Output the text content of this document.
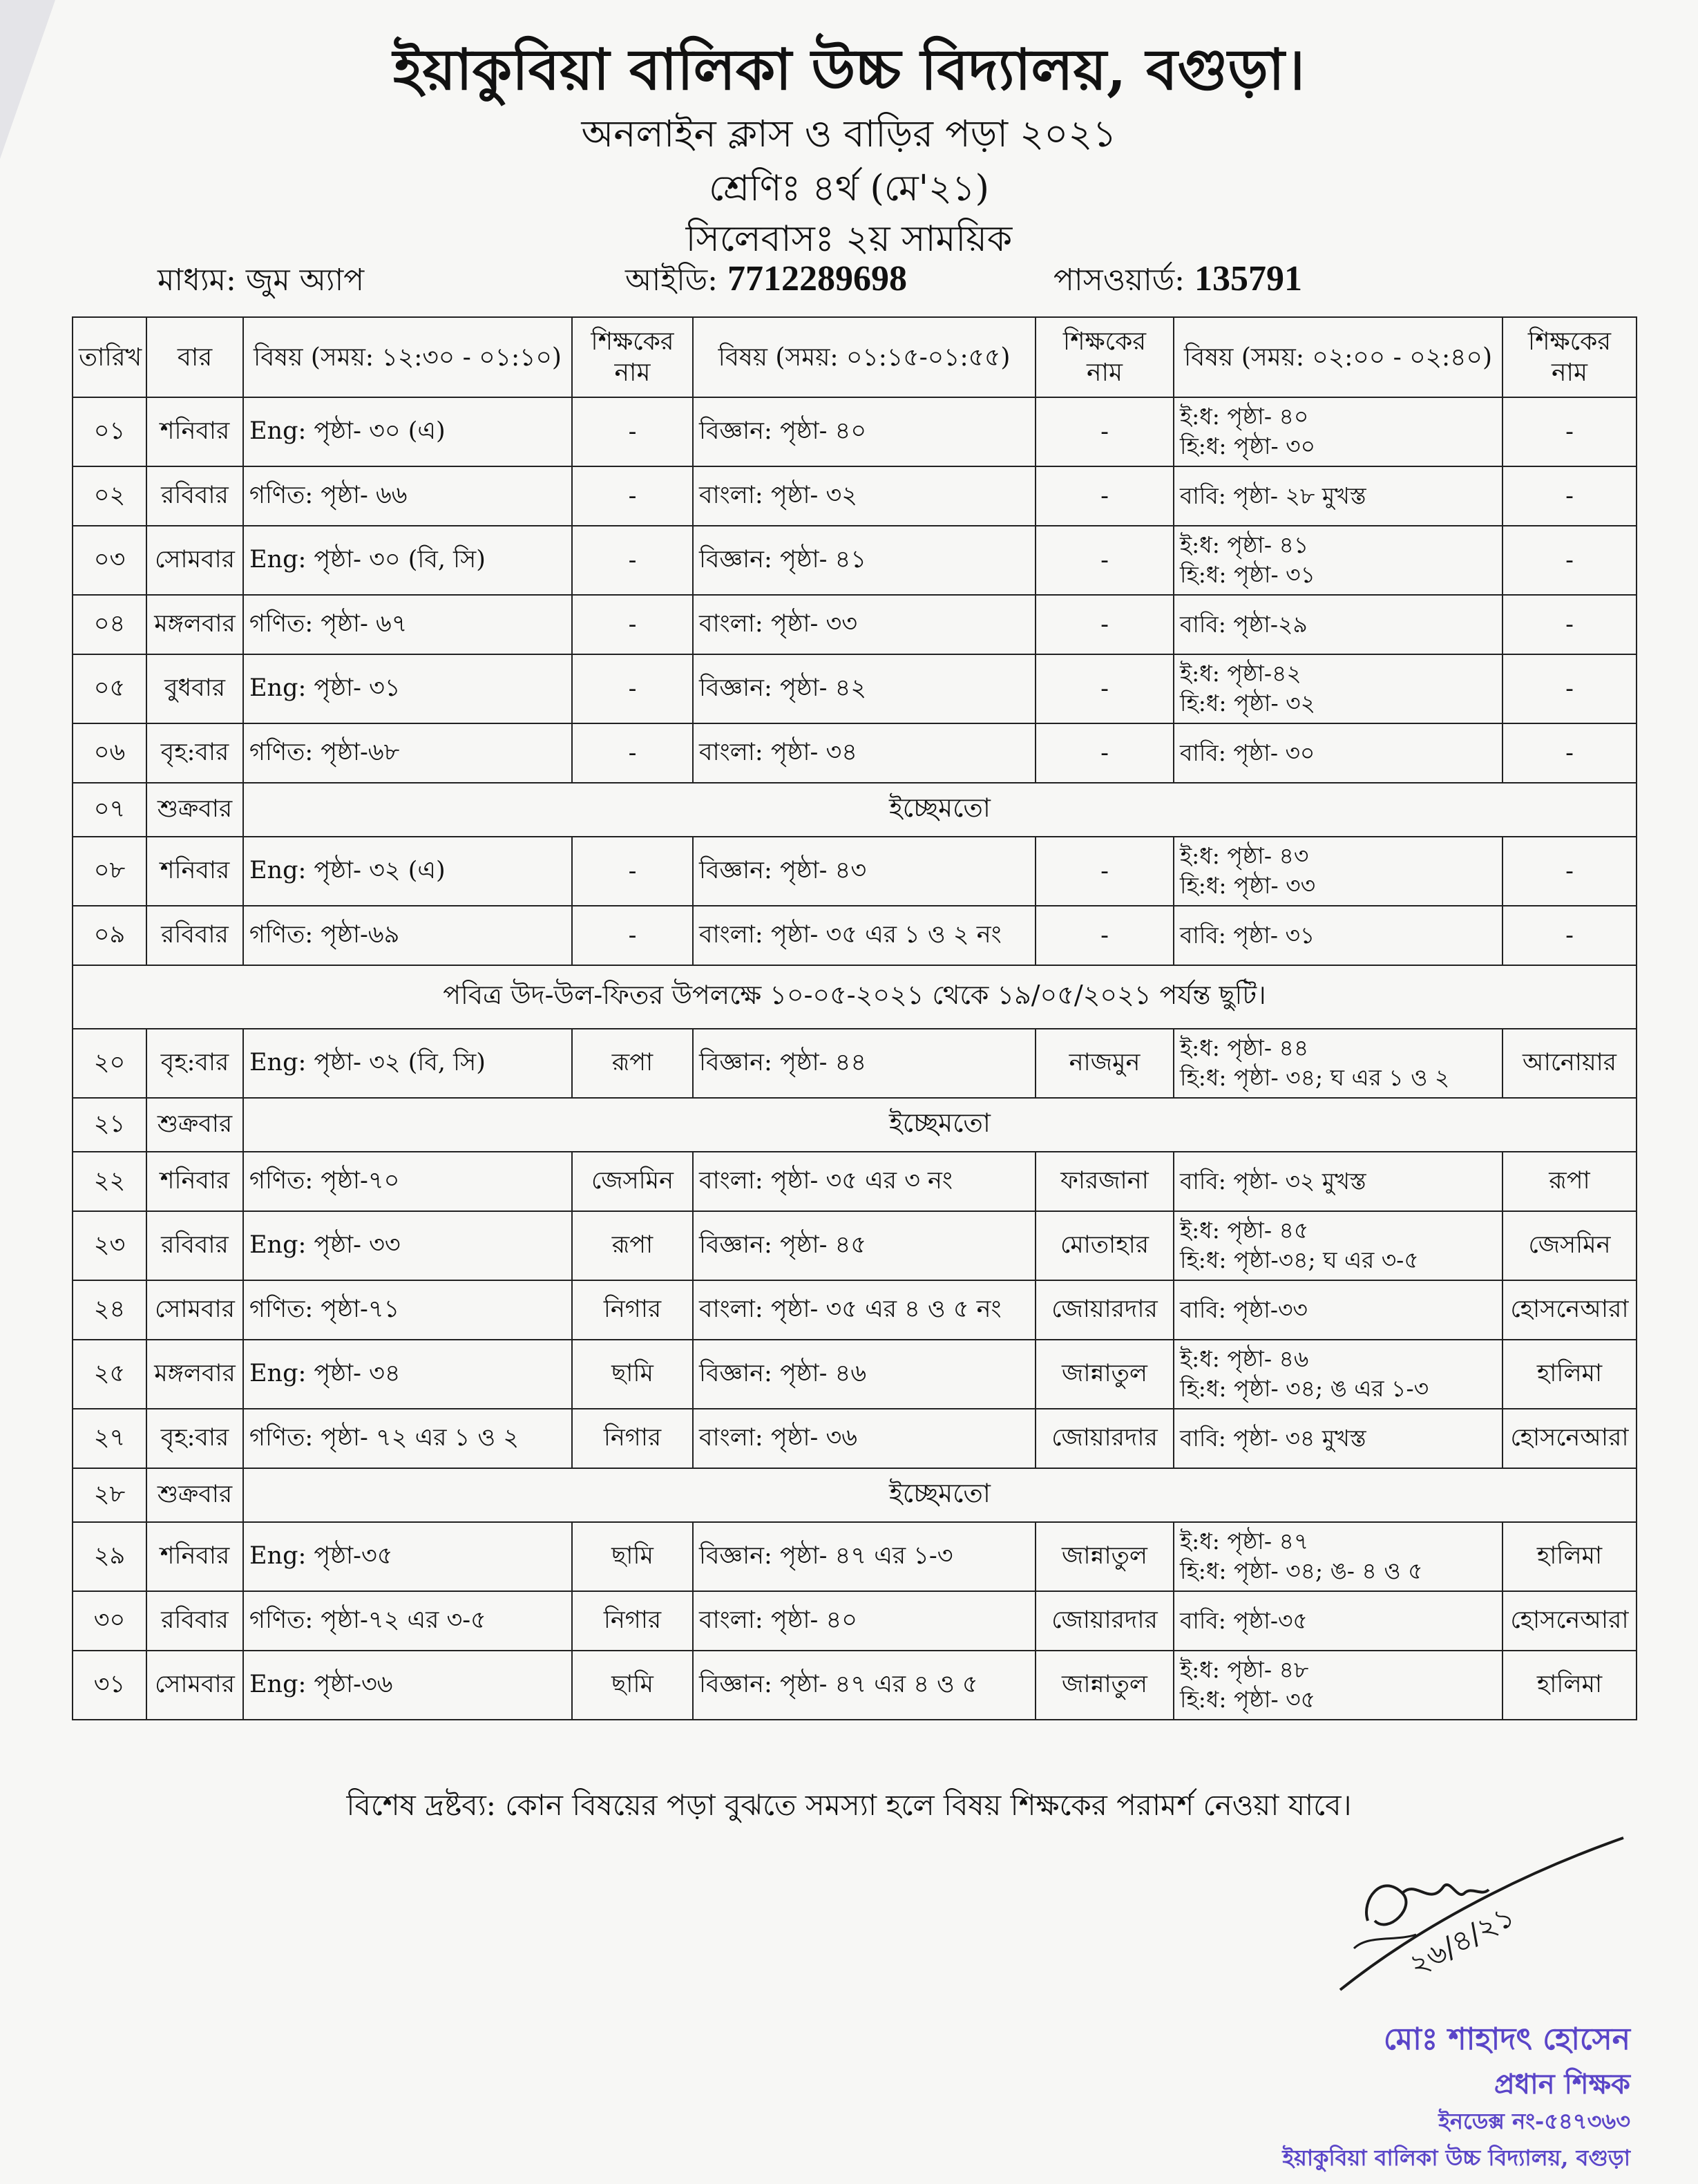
ইয়াকুবিয়া বালিকা উচ্চ বিদ্যালয়, বগুড়া।
অনলাইন ক্লাস ও বাড়ির পড়া ২০২১
শ্রেণিঃ ৪র্থ (মে'২১)
সিলেবাসঃ ২য় সাময়িক
মাধ্যম: জুম অ্যাপ	আইডি: 7712289698	পাসওয়ার্ড: 135791
তারিখ	বার	বিষয় (সময়: ১২:৩০ - ০১:১০)	শিক্ষকের নাম	বিষয় (সময়: ০১:১৫-০১:৫৫)	শিক্ষকের নাম	বিষয় (সময়: ০২:০০ - ০২:৪০)	শিক্ষকের নাম
০১	শনিবার	Eng: পৃষ্ঠা- ৩০ (এ)	-	বিজ্ঞান: পৃষ্ঠা- ৪০	-	ই:ধ: পৃষ্ঠা- ৪০
হি:ধ: পৃষ্ঠা- ৩০	-
০২	রবিবার	গণিত: পৃষ্ঠা- ৬৬	-	বাংলা: পৃষ্ঠা- ৩২	-	বাবি: পৃষ্ঠা- ২৮ মুখস্ত	-
০৩	সোমবার	Eng: পৃষ্ঠা- ৩০ (বি, সি)	-	বিজ্ঞান: পৃষ্ঠা- ৪১	-	ই:ধ: পৃষ্ঠা- ৪১
হি:ধ: পৃষ্ঠা- ৩১	-
০৪	মঙ্গলবার	গণিত: পৃষ্ঠা- ৬৭	-	বাংলা: পৃষ্ঠা- ৩৩	-	বাবি: পৃষ্ঠা-২৯	-
০৫	বুধবার	Eng: পৃষ্ঠা- ৩১	-	বিজ্ঞান: পৃষ্ঠা- ৪২	-	ই:ধ: পৃষ্ঠা-৪২
হি:ধ: পৃষ্ঠা- ৩২	-
০৬	বৃহ:বার	গণিত: পৃষ্ঠা-৬৮	-	বাংলা: পৃষ্ঠা- ৩৪	-	বাবি: পৃষ্ঠা- ৩০	-
০৭	শুক্রবার	ইচ্ছেমতো					
০৮	শনিবার	Eng: পৃষ্ঠা- ৩২ (এ)	-	বিজ্ঞান: পৃষ্ঠা- ৪৩	-	ই:ধ: পৃষ্ঠা- ৪৩
হি:ধ: পৃষ্ঠা- ৩৩	-
০৯	রবিবার	গণিত: পৃষ্ঠা-৬৯	-	বাংলা: পৃষ্ঠা- ৩৫ এর ১ ও ২ নং	-	বাবি: পৃষ্ঠা- ৩১	-
পবিত্র উদ-উল-ফিতর উপলক্ষে ১০-০৫-২০২১ থেকে ১৯/০৫/২০২১ পর্যন্ত ছুটি।							
২০	বৃহ:বার	Eng: পৃষ্ঠা- ৩২ (বি, সি)	রূপা	বিজ্ঞান: পৃষ্ঠা- ৪৪	নাজমুন	ই:ধ: পৃষ্ঠা- ৪৪
হি:ধ: পৃষ্ঠা- ৩৪; ঘ এর ১ ও ২	আনোয়ার
২১	শুক্রবার	ইচ্ছেমতো					
২২	শনিবার	গণিত: পৃষ্ঠা-৭০	জেসমিন	বাংলা: পৃষ্ঠা- ৩৫ এর ৩ নং	ফারজানা	বাবি: পৃষ্ঠা- ৩২ মুখস্ত	রূপা
২৩	রবিবার	Eng: পৃষ্ঠা- ৩৩	রূপা	বিজ্ঞান: পৃষ্ঠা- ৪৫	মোতাহার	ই:ধ: পৃষ্ঠা- ৪৫
হি:ধ: পৃষ্ঠা-৩৪; ঘ এর ৩-৫	জেসমিন
২৪	সোমবার	গণিত: পৃষ্ঠা-৭১	নিগার	বাংলা: পৃষ্ঠা- ৩৫ এর ৪ ও ৫ নং	জোয়ারদার	বাবি: পৃষ্ঠা-৩৩	হোসনেআরা
২৫	মঙ্গলবার	Eng: পৃষ্ঠা- ৩৪	ছামি	বিজ্ঞান: পৃষ্ঠা- ৪৬	জান্নাতুল	ই:ধ: পৃষ্ঠা- ৪৬
হি:ধ: পৃষ্ঠা- ৩৪; ঙ এর ১-৩	হালিমা
২৭	বৃহ:বার	গণিত: পৃষ্ঠা- ৭২ এর ১ ও ২	নিগার	বাংলা: পৃষ্ঠা- ৩৬	জোয়ারদার	বাবি: পৃষ্ঠা- ৩৪ মুখস্ত	হোসনেআরা
২৮	শুক্রবার	ইচ্ছেমতো					
২৯	শনিবার	Eng: পৃষ্ঠা-৩৫	ছামি	বিজ্ঞান: পৃষ্ঠা- ৪৭ এর ১-৩	জান্নাতুল	ই:ধ: পৃষ্ঠা- ৪৭
হি:ধ: পৃষ্ঠা- ৩৪; ঙ- ৪ ও ৫	হালিমা
৩০	রবিবার	গণিত: পৃষ্ঠা-৭২ এর ৩-৫	নিগার	বাংলা: পৃষ্ঠা- ৪০	জোয়ারদার	বাবি: পৃষ্ঠা-৩৫	হোসনেআরা
৩১	সোমবার	Eng: পৃষ্ঠা-৩৬	ছামি	বিজ্ঞান: পৃষ্ঠা- ৪৭ এর ৪ ও ৫	জান্নাতুল	ই:ধ: পৃষ্ঠা- ৪৮
হি:ধ: পৃষ্ঠা- ৩৫	হালিমা
বিশেষ দ্রষ্টব্য: কোন বিষয়ের পড়া বুঝতে সমস্যা হলে বিষয় শিক্ষকের পরামর্শ নেওয়া যাবে।
২৬/৪/২১
মোঃ শাহাদৎ হোসেন
প্রধান শিক্ষক
ইনডেক্স নং-৫৪৭৩৬৩
ইয়াকুবিয়া বালিকা উচ্চ বিদ্যালয়, বগুড়া
